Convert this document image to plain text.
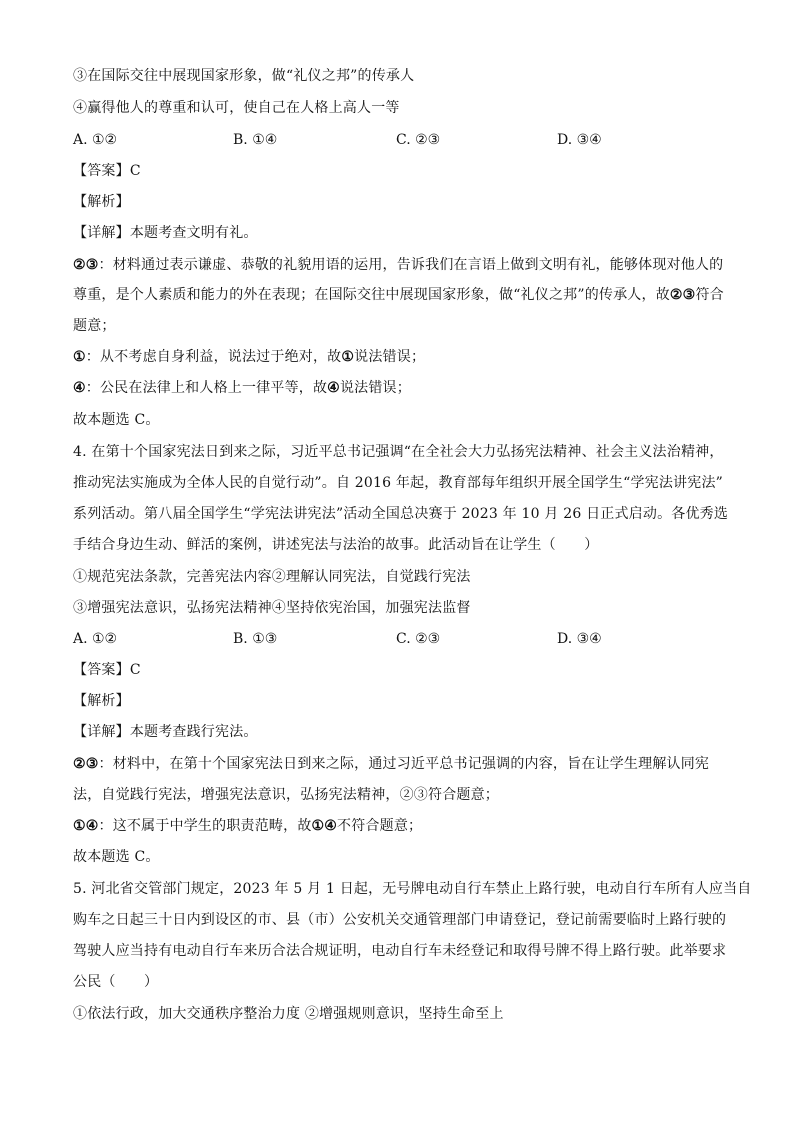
③在国际交往中展现国家形象，做“礼仪之邦”的传承人
④赢得他人的尊重和认可，使自己在人格上高人一等
A. ①②	B. ①④	C. ②③	D. ③④
【答案】C
【解析】
【详解】本题考查文明有礼。
②③：材料通过表示谦虚、恭敬的礼貌用语的运用，告诉我们在言语上做到文明有礼，能够体现对他人的
尊重，是个人素质和能力的外在表现；在国际交往中展现国家形象，做“礼仪之邦”的传承人，故②③符合
题意；
①：从不考虑自身利益，说法过于绝对，故①说法错误；
④：公民在法律上和人格上一律平等，故④说法错误；
故本题选 C。
4. 在第十个国家宪法日到来之际，习近平总书记强调“在全社会大力弘扬宪法精神、社会主义法治精神，
推动宪法实施成为全体人民的自觉行动”。自 2016 年起，教育部每年组织开展全国学生“学宪法讲宪法”
系列活动。第八届全国学生“学宪法讲宪法”活动全国总决赛于 2023 年 10 月 26 日正式启动。各优秀选
手结合身边生动、鲜活的案例，讲述宪法与法治的故事。此活动旨在让学生（　　）
①规范宪法条款，完善宪法内容②理解认同宪法，自觉践行宪法
③增强宪法意识，弘扬宪法精神④坚持依宪治国，加强宪法监督
A. ①②	B. ①③	C. ②③	D. ③④
【答案】C
【解析】
【详解】本题考查践行宪法。
②③：材料中，在第十个国家宪法日到来之际，通过习近平总书记强调的内容，旨在让学生理解认同宪
法，自觉践行宪法，增强宪法意识，弘扬宪法精神，②③符合题意；
①④：这不属于中学生的职责范畴，故①④不符合题意；
故本题选 C。
5. 河北省交管部门规定，2023 年 5 月 1 日起，无号牌电动自行车禁止上路行驶，电动自行车所有人应当自
购车之日起三十日内到设区的市、县（市）公安机关交通管理部门申请登记，登记前需要临时上路行驶的
驾驶人应当持有电动自行车来历合法合规证明，电动自行车未经登记和取得号牌不得上路行驶。此举要求
公民（　　）
①依法行政，加大交通秩序整治力度 ②增强规则意识，坚持生命至上
